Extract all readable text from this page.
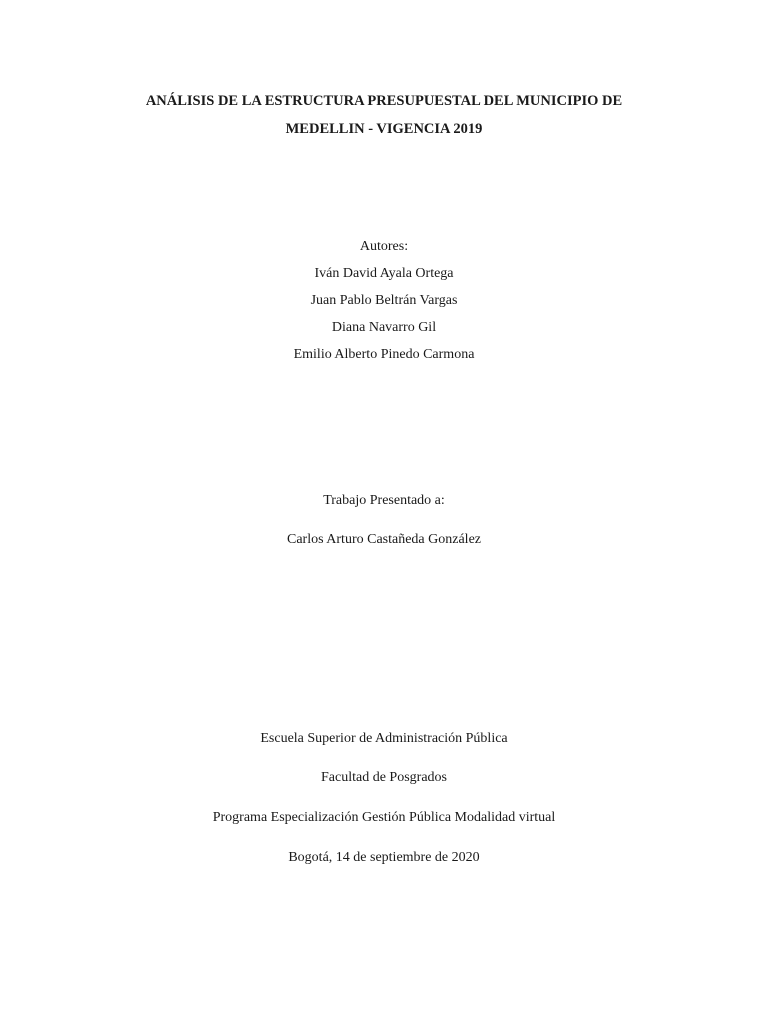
ANÁLISIS DE LA ESTRUCTURA PRESUPUESTAL DEL MUNICIPIO DE
MEDELLIN - VIGENCIA 2019
Autores:
Iván David Ayala Ortega
Juan Pablo Beltrán Vargas
Diana Navarro Gil
Emilio Alberto Pinedo Carmona
Trabajo Presentado a:
Carlos Arturo Castañeda González
Escuela Superior de Administración Pública
Facultad de Posgrados
Programa Especialización Gestión Pública Modalidad virtual
Bogotá, 14 de septiembre de 2020
